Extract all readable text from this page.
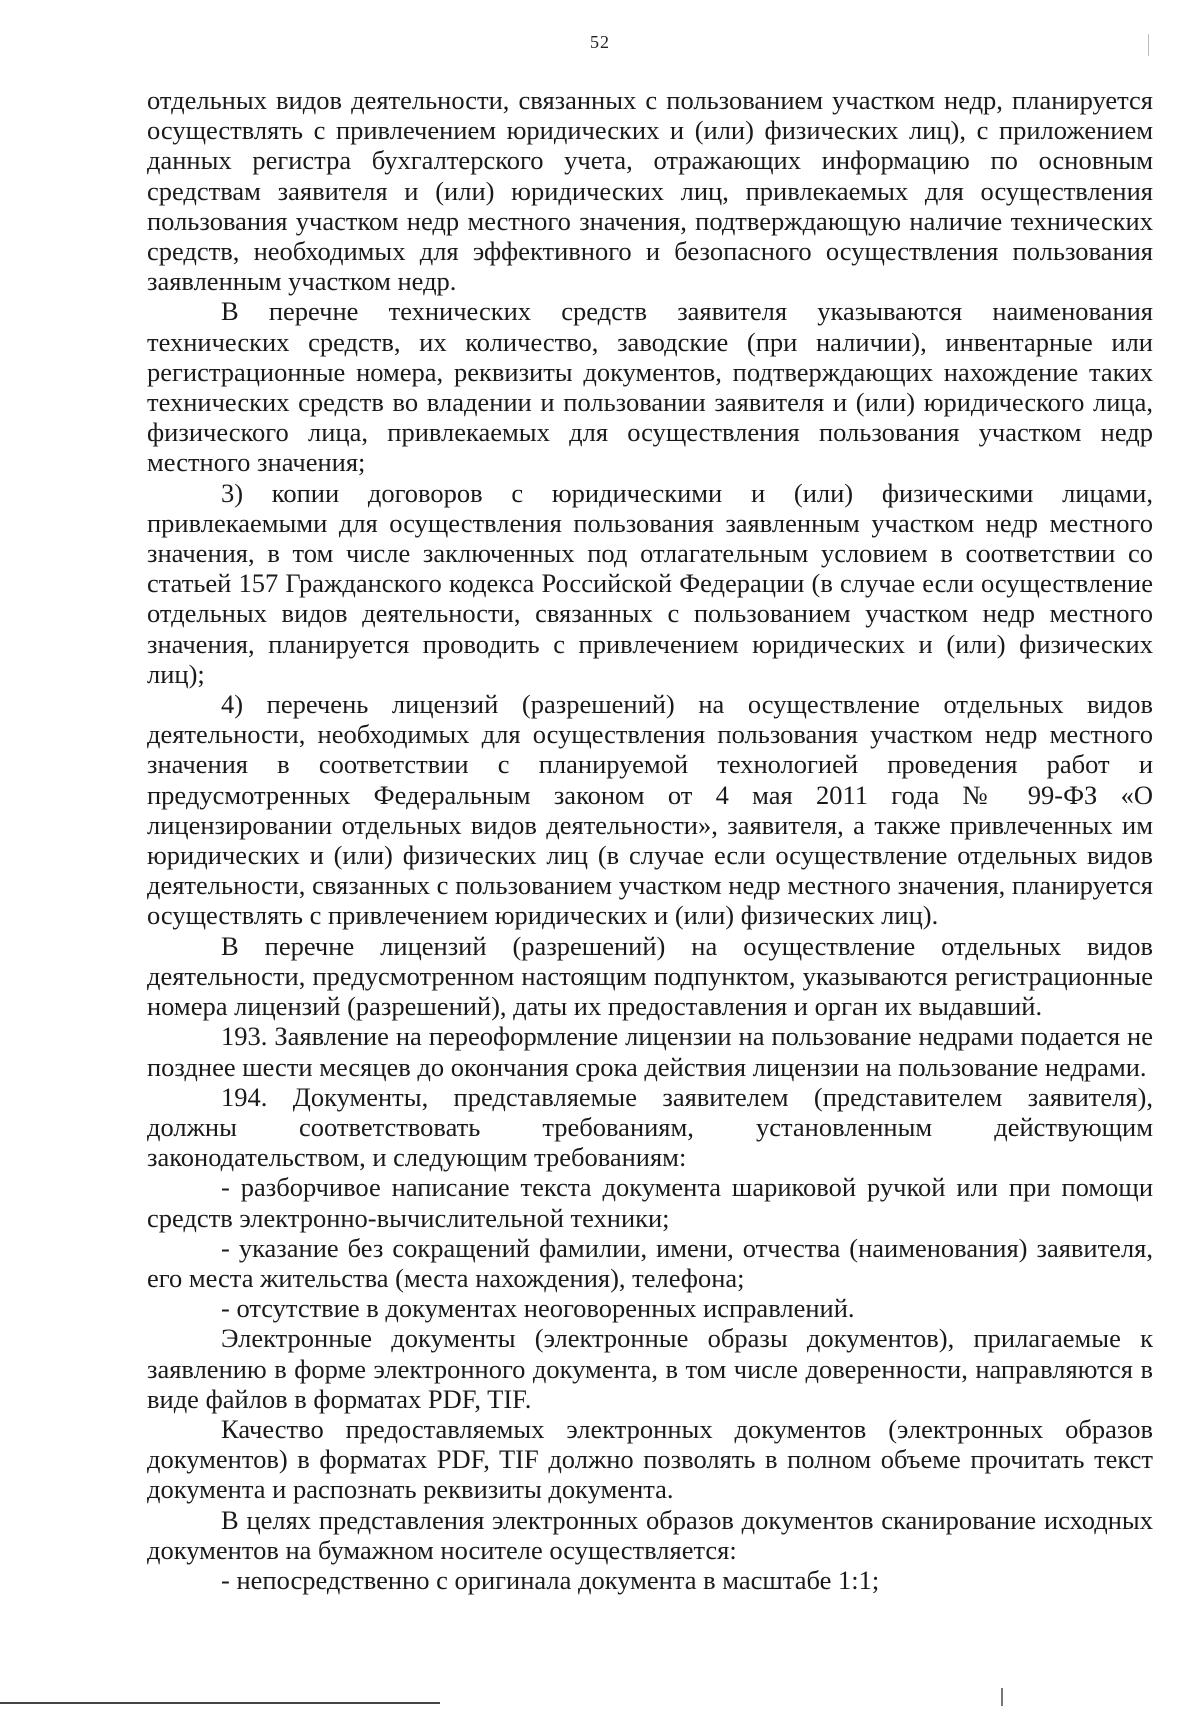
52

отдельных видов деятельности, связанных с пользованием участком недр, планируется осуществлять с привлечением юридических и (или) физических лиц), с приложением данных регистра бухгалтерского учета, отражающих информацию по основным средствам заявителя и (или) юридических лиц, привлекаемых для осуществления пользования участком недр местного значения, подтверждающую наличие технических средств, необходимых для эффективного и безопасного осуществления пользования заявленным участком недр.

В перечне технических средств заявителя указываются наименования технических средств, их количество, заводские (при наличии), инвентарные или регистрационные номера, реквизиты документов, подтверждающих нахождение таких технических средств во владении и пользовании заявителя и (или) юридического лица, физического лица, привлекаемых для осуществления пользования участком недр местного значения;

3) копии договоров с юридическими и (или) физическими лицами, привлекаемыми для осуществления пользования заявленным участком недр местного значения, в том числе заключенных под отлагательным условием в соответствии со статьей 157 Гражданского кодекса Российской Федерации (в случае если осуществление отдельных видов деятельности, связанных с пользованием участком недр местного значения, планируется проводить с привлечением юридических и (или) физических лиц);

4) перечень лицензий (разрешений) на осуществление отдельных видов деятельности, необходимых для осуществления пользования участком недр местного значения в соответствии с планируемой технологией проведения работ и предусмотренных Федеральным законом от 4 мая 2011 года № 99-ФЗ «О лицензировании отдельных видов деятельности», заявителя, а также привлеченных им юридических и (или) физических лиц (в случае если осуществление отдельных видов деятельности, связанных с пользованием участком недр местного значения, планируется осуществлять с привлечением юридических и (или) физических лиц).

В перечне лицензий (разрешений) на осуществление отдельных видов деятельности, предусмотренном настоящим подпунктом, указываются регистрационные номера лицензий (разрешений), даты их предоставления и орган их выдавший.

193. Заявление на переоформление лицензии на пользование недрами подается не позднее шести месяцев до окончания срока действия лицензии на пользование недрами.

194. Документы, представляемые заявителем (представителем заявителя), должны соответствовать требованиям, установленным действующим законодательством, и следующим требованиям:

- разборчивое написание текста документа шариковой ручкой или при помощи средств электронно-вычислительной техники;

- указание без сокращений фамилии, имени, отчества (наименования) заявителя, его места жительства (места нахождения), телефона;

- отсутствие в документах неоговоренных исправлений.

Электронные документы (электронные образы документов), прилагаемые к заявлению в форме электронного документа, в том числе доверенности, направляются в виде файлов в форматах PDF, TIF.

Качество предоставляемых электронных документов (электронных образов документов) в форматах PDF, TIF должно позволять в полном объеме прочитать текст документа и распознать реквизиты документа.

В целях представления электронных образов документов сканирование исходных документов на бумажном носителе осуществляется:

- непосредственно с оригинала документа в масштабе 1:1;
